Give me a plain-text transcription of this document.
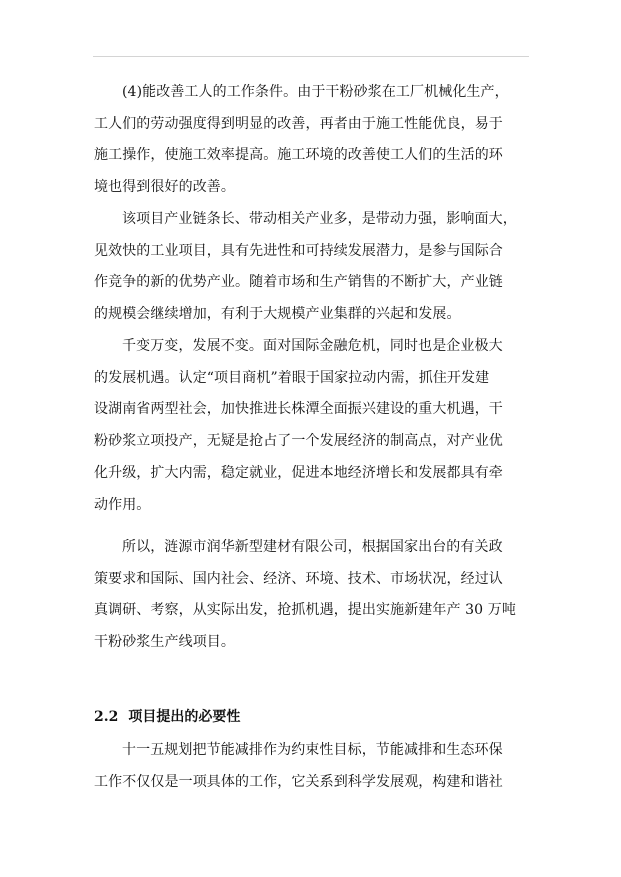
(4)能改善工人的工作条件。由于干粉砂浆在工厂机械化生产，
工人们的劳动强度得到明显的改善，再者由于施工性能优良，易于
施工操作，使施工效率提高。施工环境的改善使工人们的生活的环
境也得到很好的改善。

该项目产业链条长、带动相关产业多，是带动力强，影响面大，
见效快的工业项目，具有先进性和可持续发展潜力，是参与国际合
作竞争的新的优势产业。随着市场和生产销售的不断扩大，产业链
的规模会继续增加，有利于大规模产业集群的兴起和发展。

千变万变，发展不变。面对国际金融危机，同时也是企业极大
的发展机遇。认定“项目商机”着眼于国家拉动内需，抓住开发建
设湖南省两型社会，加快推进长株潭全面振兴建设的重大机遇，干
粉砂浆立项投产，无疑是抢占了一个发展经济的制高点，对产业优
化升级，扩大内需，稳定就业，促进本地经济增长和发展都具有牵
动作用。

所以，涟源市润华新型建材有限公司，根据国家出台的有关政
策要求和国际、国内社会、经济、环境、技术、市场状况，经过认
真调研、考察，从实际出发，抢抓机遇，提出实施新建年产 30 万吨
干粉砂浆生产线项目。

2.2 项目提出的必要性

十一五规划把节能减排作为约束性目标，节能减排和生态环保
工作不仅仅是一项具体的工作，它关系到科学发展观，构建和谐社
